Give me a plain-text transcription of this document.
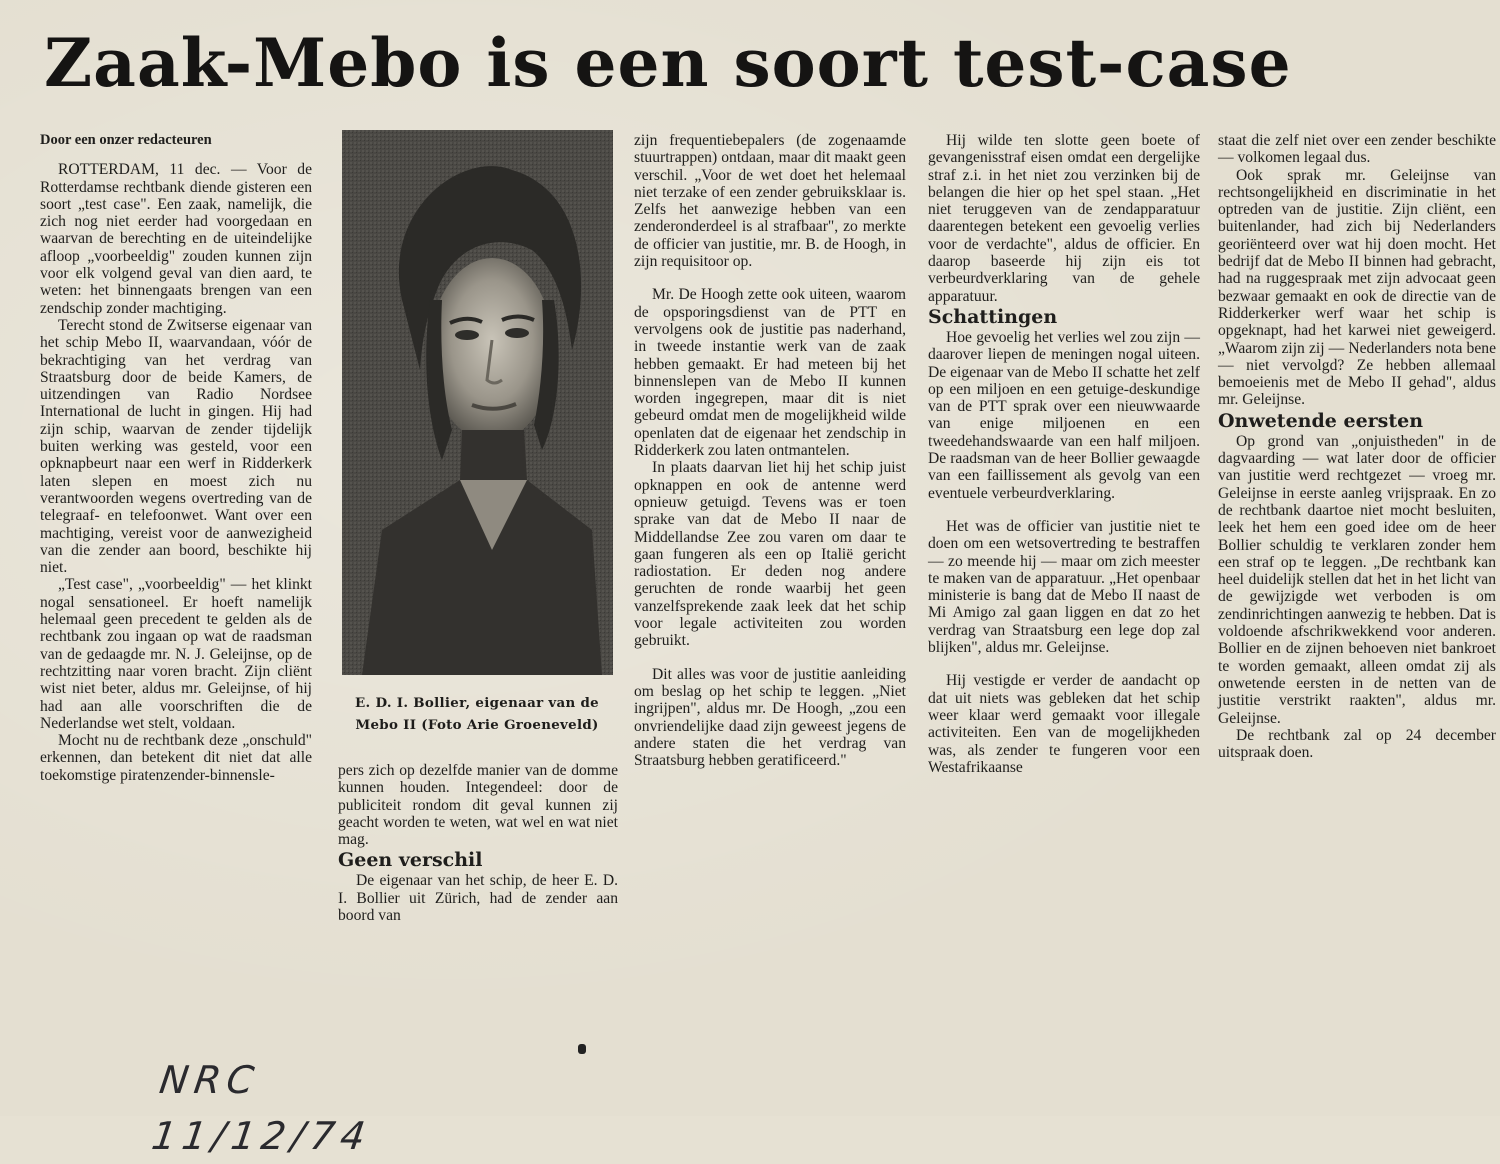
Zaak-Mebo is een soort test-case

Door een onzer redacteuren

ROTTERDAM, 11 dec. — Voor de Rotterdamse rechtbank diende gisteren een soort „test case". Een zaak, namelijk, die zich nog niet eerder had voorgedaan en waarvan de berechting en de uiteindelijke afloop „voorbeeldig" zouden kunnen zijn voor elk volgend geval van dien aard, te weten: het binnengaats brengen van een zendschip zonder machtiging.

Terecht stond de Zwitserse eigenaar van het schip Mebo II, waarvandaan, vóór de bekrachtiging van het verdrag van Straatsburg door de beide Kamers, de uitzendingen van Radio Nordsee International de lucht in gingen. Hij had zijn schip, waarvan de zender tijdelijk buiten werking was gesteld, voor een opknapbeurt naar een werf in Ridderkerk laten slepen en moest zich nu verantwoorden wegens overtreding van de telegraaf- en telefoonwet. Want over een machtiging, vereist voor de aanwezigheid van die zender aan boord, beschikte hij niet.

„Test case", „voorbeeldig" — het klinkt nogal sensationeel. Er hoeft namelijk helemaal geen precedent te gelden als de rechtbank zou ingaan op wat de raadsman van de gedaagde mr. N. J. Geleijnse, op de rechtzitting naar voren bracht. Zijn cliënt wist niet beter, aldus mr. Geleijnse, of hij had aan alle voorschriften die de Nederlandse wet stelt, voldaan.

Mocht nu de rechtbank deze „onschuld" erkennen, dan betekent dit niet dat alle toekomstige piratenzender-binnensle-

E. D. I. Bollier, eigenaar van de Mebo II (Foto Arie Groeneveld)

pers zich op dezelfde manier van de domme kunnen houden. Integendeel: door de publiciteit rondom dit geval kunnen zij geacht worden te weten, wat wel en wat niet mag.

Geen verschil

De eigenaar van het schip, de heer E. D. I. Bollier uit Zürich, had de zender aan boord van

zijn frequentiebepalers (de zogenaamde stuurtrappen) ontdaan, maar dit maakt geen verschil. „Voor de wet doet het helemaal niet terzake of een zender gebruiksklaar is. Zelfs het aanwezige hebben van een zenderonderdeel is al strafbaar", zo merkte de officier van justitie, mr. B. de Hoogh, in zijn requisitoor op.

Mr. De Hoogh zette ook uiteen, waarom de opsporingsdienst van de PTT en vervolgens ook de justitie pas naderhand, in tweede instantie werk van de zaak hebben gemaakt. Er had meteen bij het binnenslepen van de Mebo II kunnen worden ingegrepen, maar dit is niet gebeurd omdat men de mogelijkheid wilde openlaten dat de eigenaar het zendschip in Ridderkerk zou laten ontmantelen.

In plaats daarvan liet hij het schip juist opknappen en ook de antenne werd opnieuw getuigd. Tevens was er toen sprake van dat de Mebo II naar de Middellandse Zee zou varen om daar te gaan fungeren als een op Italië gericht radiostation. Er deden nog andere geruchten de ronde waarbij het geen vanzelfsprekende zaak leek dat het schip voor legale activiteiten zou worden gebruikt.

Dit alles was voor de justitie aanleiding om beslag op het schip te leggen. „Niet ingrijpen", aldus mr. De Hoogh, „zou een onvriendelijke daad zijn geweest jegens de andere staten die het verdrag van Straatsburg hebben geratificeerd."

Hij wilde ten slotte geen boete of gevangenisstraf eisen omdat een dergelijke straf z.i. in het niet zou verzinken bij de belangen die hier op het spel staan. „Het niet teruggeven van de zendapparatuur daarentegen betekent een gevoelig verlies voor de verdachte", aldus de officier. En daarop baseerde hij zijn eis tot verbeurdverklaring van de gehele apparatuur.

Schattingen

Hoe gevoelig het verlies wel zou zijn — daarover liepen de meningen nogal uiteen. De eigenaar van de Mebo II schatte het zelf op een miljoen en een getuige-deskundige van de PTT sprak over een nieuwwaarde van enige miljoenen en een tweedehandswaarde van een half miljoen. De raadsman van de heer Bollier gewaagde van een faillissement als gevolg van een eventuele verbeurdverklaring.

Het was de officier van justitie niet te doen om een wetsovertreding te bestraffen — zo meende hij — maar om zich meester te maken van de apparatuur. „Het openbaar ministerie is bang dat de Mebo II naast de Mi Amigo zal gaan liggen en dat zo het verdrag van Straatsburg een lege dop zal blijken", aldus mr. Geleijnse.

Hij vestigde er verder de aandacht op dat uit niets was gebleken dat het schip weer klaar werd gemaakt voor illegale activiteiten. Een van de mogelijkheden was, als zender te fungeren voor een Westafrikaanse

staat die zelf niet over een zender beschikte — volkomen legaal dus.

Ook sprak mr. Geleijnse van rechtsongelijkheid en discriminatie in het optreden van de justitie. Zijn cliënt, een buitenlander, had zich bij Nederlanders georiënteerd over wat hij doen mocht. Het bedrijf dat de Mebo II binnen had gebracht, had na ruggespraak met zijn advocaat geen bezwaar gemaakt en ook de directie van de Ridderkerker werf waar het schip is opgeknapt, had het karwei niet geweigerd. „Waarom zijn zij — Nederlanders nota bene — niet vervolgd? Ze hebben allemaal bemoeienis met de Mebo II gehad", aldus mr. Geleijnse.

Onwetende eersten

Op grond van „onjuistheden" in de dagvaarding — wat later door de officier van justitie werd rechtgezet — vroeg mr. Geleijnse in eerste aanleg vrijspraak. En zo de rechtbank daartoe niet mocht besluiten, leek het hem een goed idee om de heer Bollier schuldig te verklaren zonder hem een straf op te leggen. „De rechtbank kan heel duidelijk stellen dat het in het licht van de gewijzigde wet verboden is om zendinrichtingen aanwezig te hebben. Dat is voldoende afschrikwekkend voor anderen. Bollier en de zijnen behoeven niet bankroet te worden gemaakt, alleen omdat zij als onwetende eersten in de netten van de justitie verstrikt raakten", aldus mr. Geleijnse.

De rechtbank zal op 24 december uitspraak doen.

NRC 11/12/74
